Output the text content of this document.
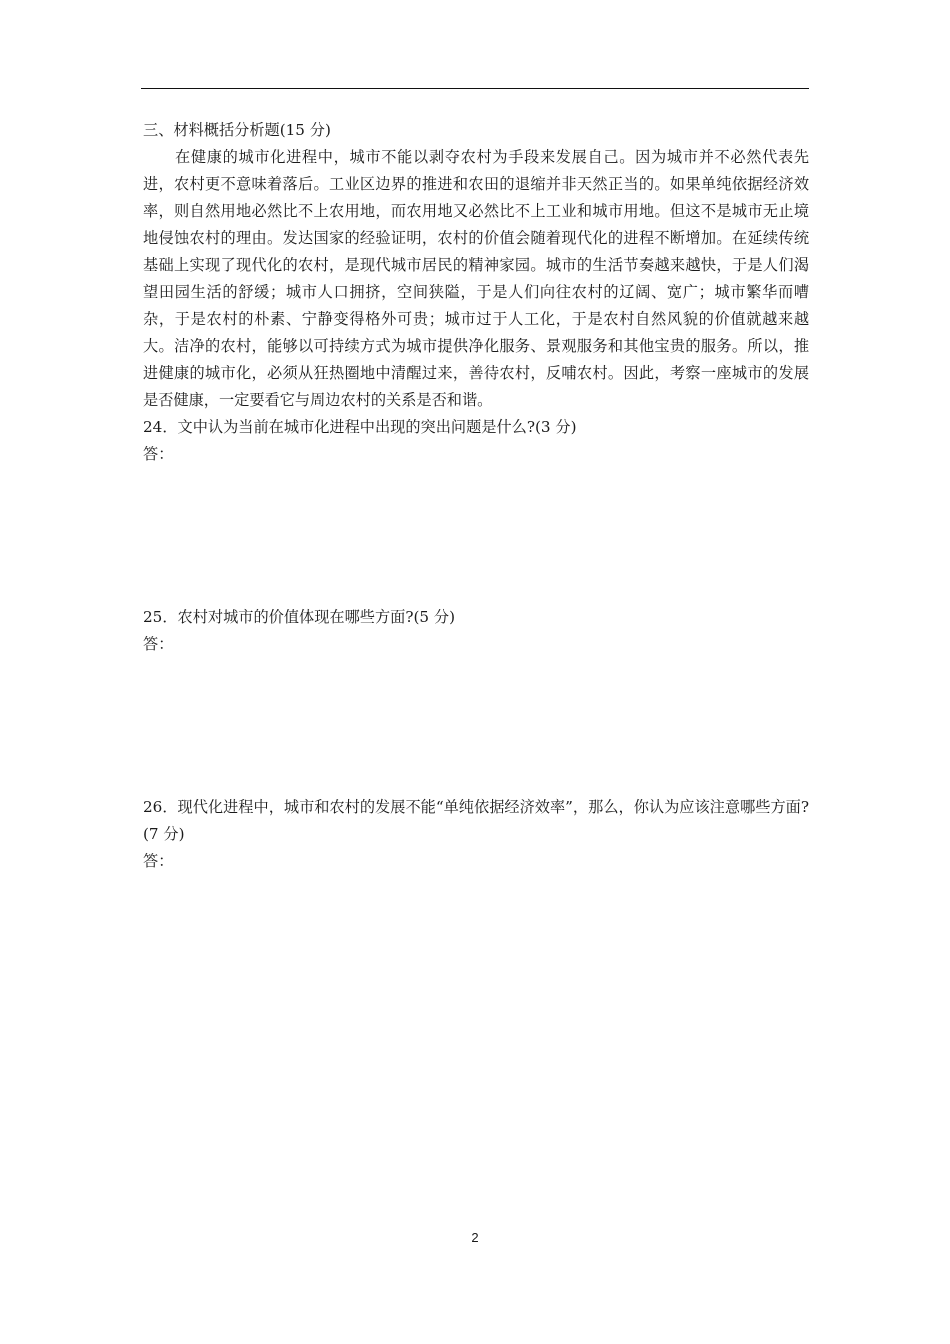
三、材料概括分析题(15 分)

在健康的城市化进程中，城市不能以剥夺农村为手段来发展自己。因为城市并不必然代表先进，农村更不意味着落后。工业区边界的推进和农田的退缩并非天然正当的。如果单纯依据经济效率，则自然用地必然比不上农用地，而农用地又必然比不上工业和城市用地。但这不是城市无止境地侵蚀农村的理由。发达国家的经验证明，农村的价值会随着现代化的进程不断增加。在延续传统基础上实现了现代化的农村，是现代城市居民的精神家园。城市的生活节奏越来越快，于是人们渴望田园生活的舒缓；城市人口拥挤，空间狭隘，于是人们向往农村的辽阔、宽广；城市繁华而嘈杂，于是农村的朴素、宁静变得格外可贵；城市过于人工化，于是农村自然风貌的价值就越来越大。洁净的农村，能够以可持续方式为城市提供净化服务、景观服务和其他宝贵的服务。所以，推进健康的城市化，必须从狂热圈地中清醒过来，善待农村，反哺农村。因此，考察一座城市的发展是否健康，一定要看它与周边农村的关系是否和谐。

24．文中认为当前在城市化进程中出现的突出问题是什么?(3 分)

答：

25．农村对城市的价值体现在哪些方面?(5 分)

答：

26．现代化进程中，城市和农村的发展不能“单纯依据经济效率”，那么，你认为应该注意哪些方面?(7 分)

答：

2
